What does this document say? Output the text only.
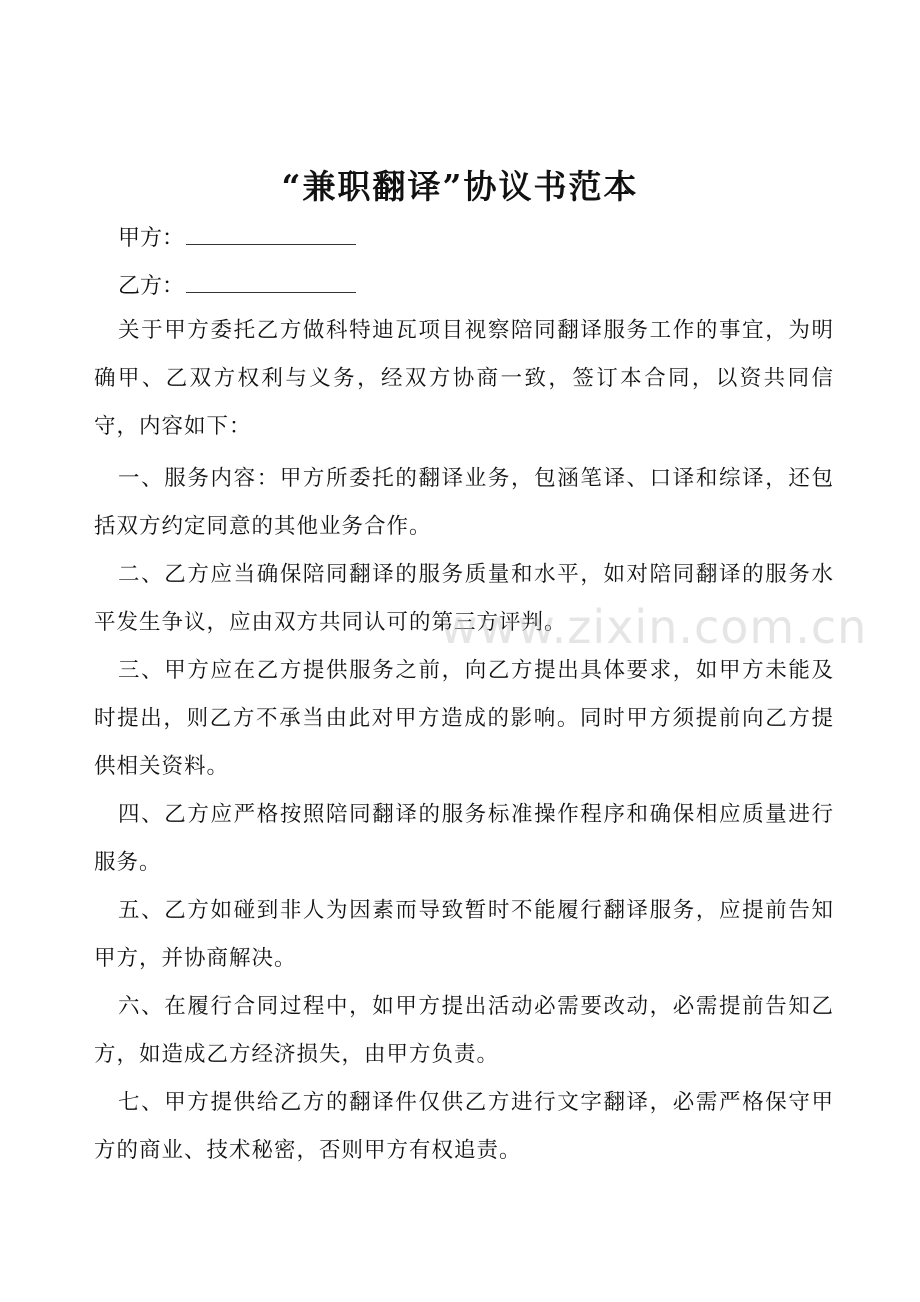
“兼职翻译”协议书范本
甲方：
乙方：

关于甲方委托乙方做科特迪瓦项目视察陪同翻译服务工作的事宜，为明确甲、乙双方权利与义务，经双方协商一致，签订本合同，以资共同信守，内容如下：

一、服务内容：甲方所委托的翻译业务，包涵笔译、口译和综译，还包括双方约定同意的其他业务合作。

二、乙方应当确保陪同翻译的服务质量和水平，如对陪同翻译的服务水平发生争议，应由双方共同认可的第三方评判。

三、甲方应在乙方提供服务之前，向乙方提出具体要求，如甲方未能及时提出，则乙方不承当由此对甲方造成的影响。同时甲方须提前向乙方提供相关资料。

四、乙方应严格按照陪同翻译的服务标准操作程序和确保相应质量进行服务。

五、乙方如碰到非人为因素而导致暂时不能履行翻译服务，应提前告知甲方，并协商解决。

六、在履行合同过程中，如甲方提出活动必需要改动，必需提前告知乙方，如造成乙方经济损失，由甲方负责。

七、甲方提供给乙方的翻译件仅供乙方进行文字翻译，必需严格保守甲方的商业、技术秘密，否则甲方有权追责。

www.zixin.com.cn
